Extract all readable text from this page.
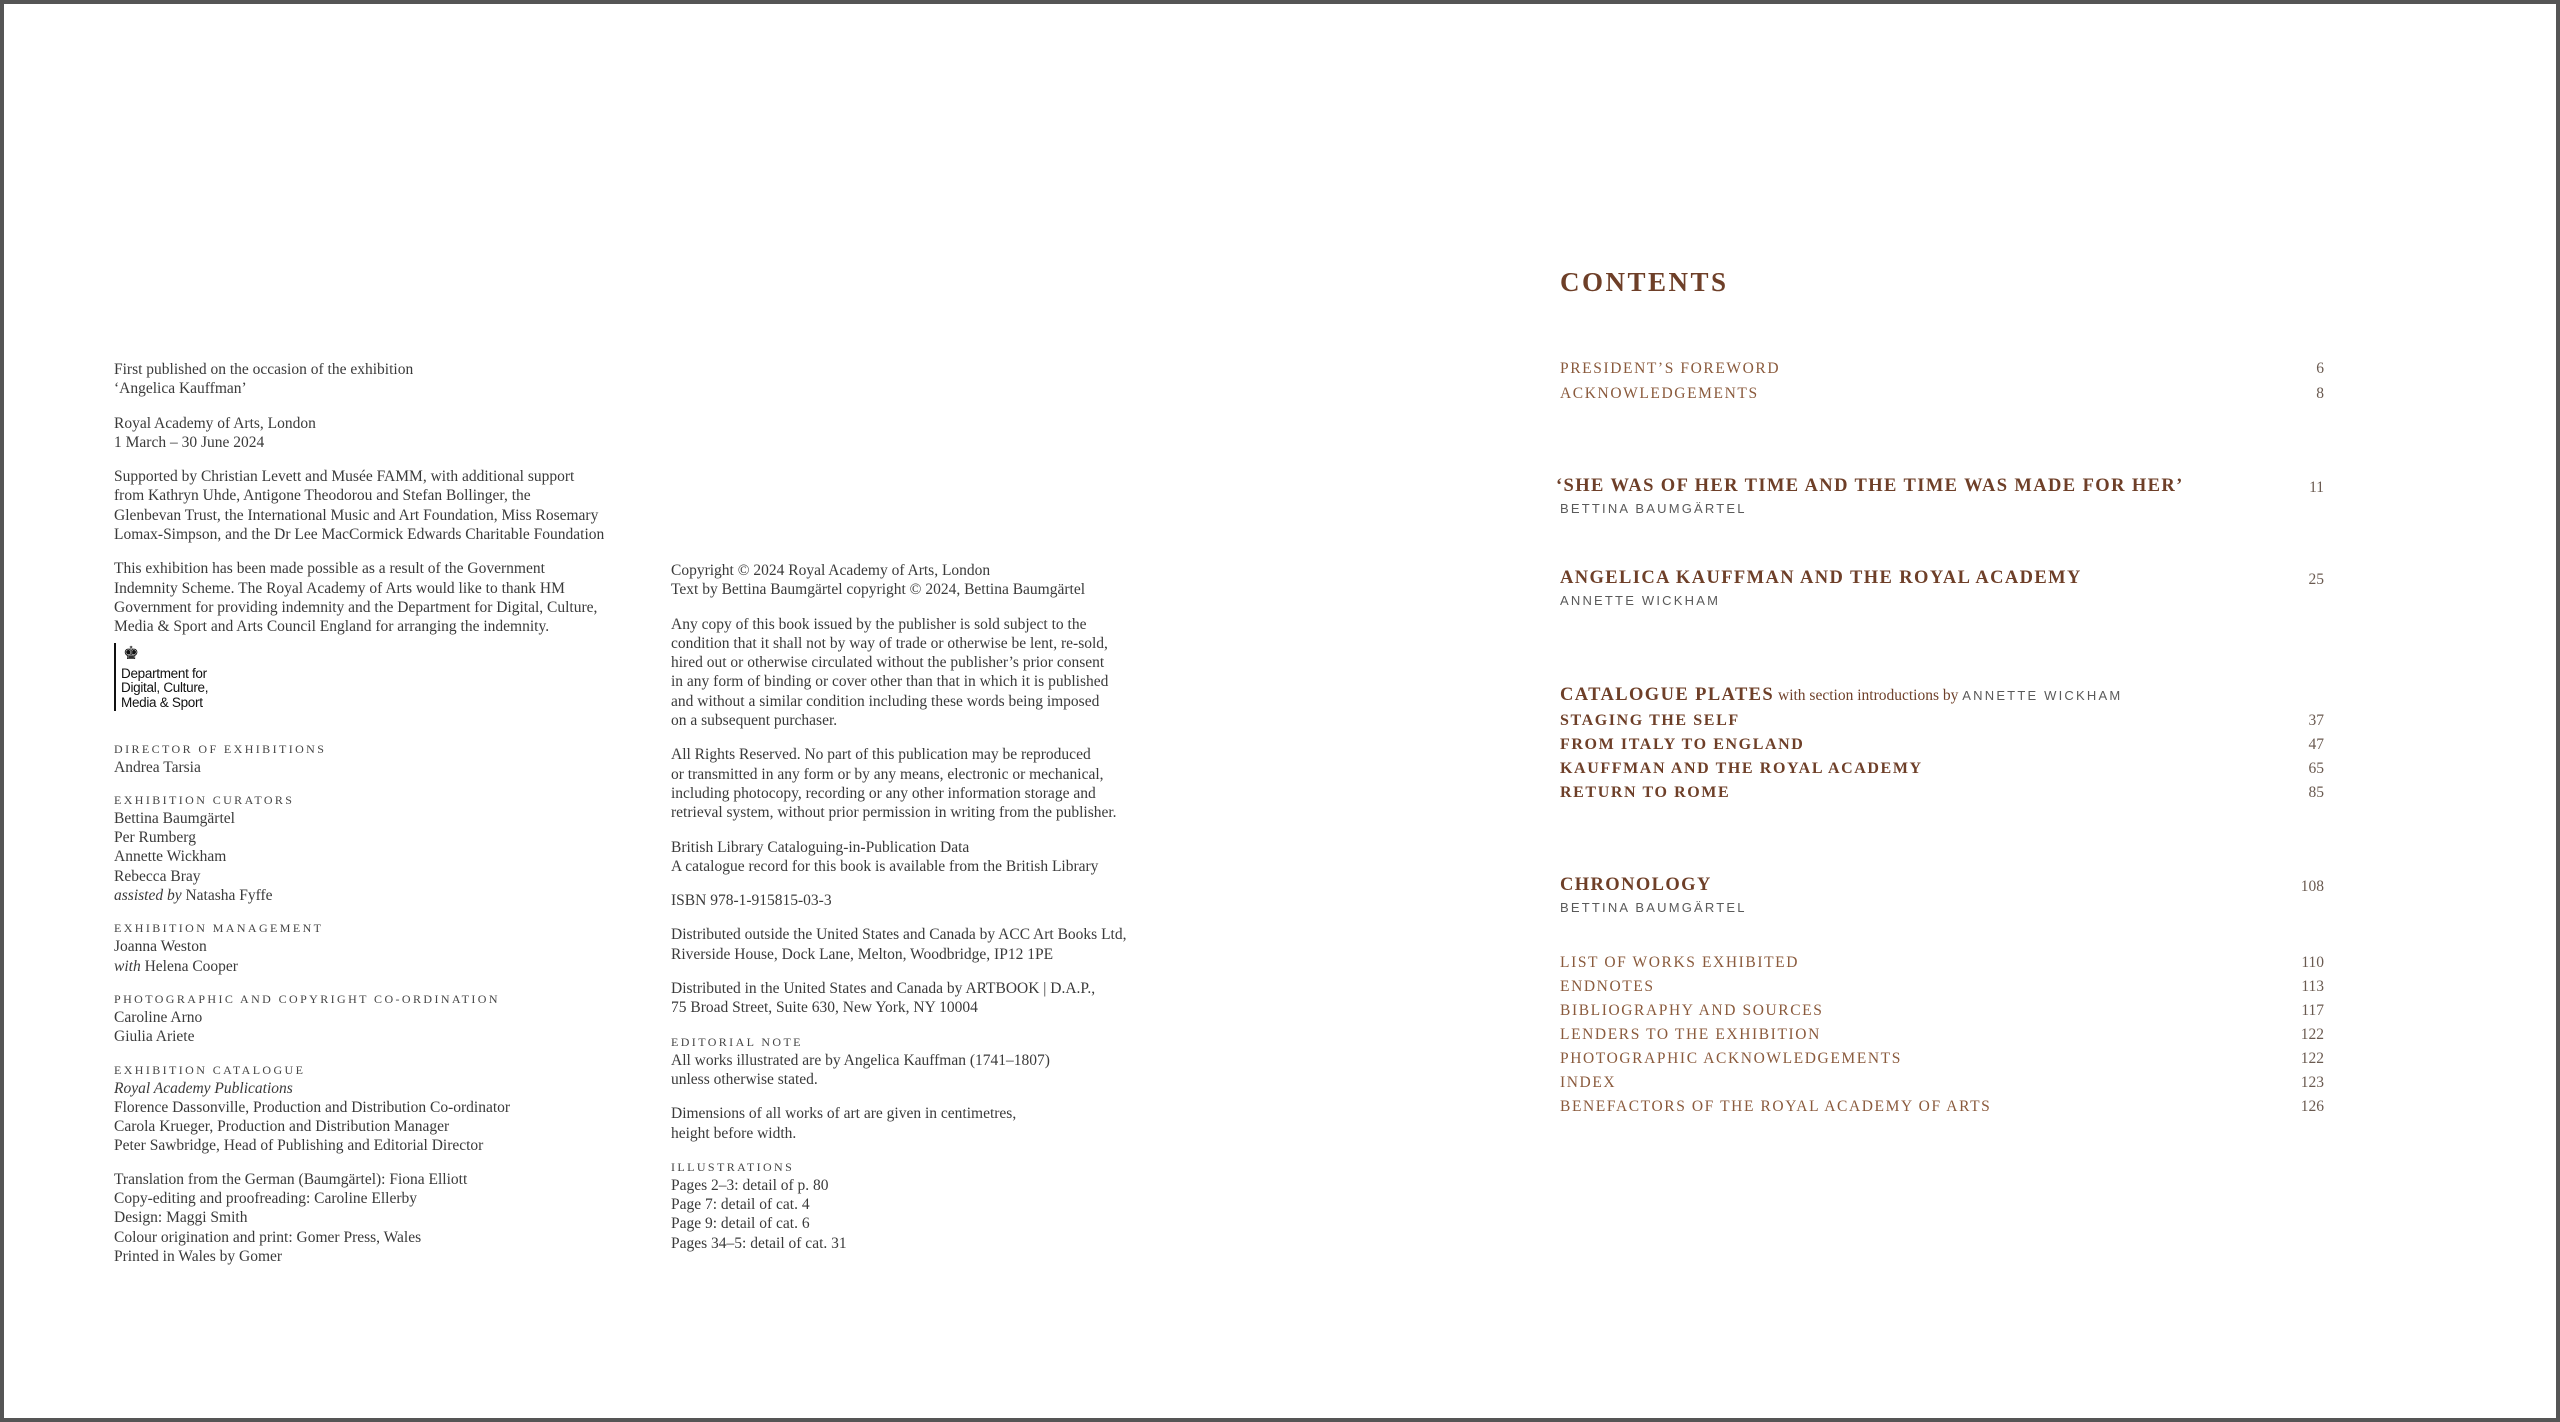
First published on the occasion of the exhibition
‘Angelica Kauffman’

Royal Academy of Arts, London
1 March – 30 June 2024

Supported by Christian Levett and Musée FAMM, with additional support
from Kathryn Uhde, Antigone Theodorou and Stefan Bollinger, the
Glenbevan Trust, the International Music and Art Foundation, Miss Rosemary
Lomax-Simpson, and the Dr Lee MacCormick Edwards Charitable Foundation

This exhibition has been made possible as a result of the Government
Indemnity Scheme. The Royal Academy of Arts would like to thank HM
Government for providing indemnity and the Department for Digital, Culture,
Media & Sport and Arts Council England for arranging the indemnity.

♚
Department for
Digital, Culture,
Media & Sport
DIRECTOR OF EXHIBITIONS
Andrea Tarsia
EXHIBITION CURATORS
Bettina Baumgärtel
Per Rumberg
Annette Wickham
Rebecca Bray
assisted by Natasha Fyffe
EXHIBITION MANAGEMENT
Joanna Weston
with Helena Cooper
PHOTOGRAPHIC AND COPYRIGHT CO-ORDINATION
Caroline Arno
Giulia Ariete
EXHIBITION CATALOGUE
Royal Academy Publications
Florence Dassonville, Production and Distribution Co-ordinator
Carola Krueger, Production and Distribution Manager
Peter Sawbridge, Head of Publishing and Editorial Director
Translation from the German (Baumgärtel): Fiona Elliott
Copy-editing and proofreading: Caroline Ellerby
Design: Maggi Smith
Colour origination and print: Gomer Press, Wales
Printed in Wales by Gomer

Copyright © 2024 Royal Academy of Arts, London
Text by Bettina Baumgärtel copyright © 2024, Bettina Baumgärtel

Any copy of this book issued by the publisher is sold subject to the
condition that it shall not by way of trade or otherwise be lent, re-sold,
hired out or otherwise circulated without the publisher’s prior consent
in any form of binding or cover other than that in which it is published
and without a similar condition including these words being imposed
on a subsequent purchaser.

All Rights Reserved. No part of this publication may be reproduced
or transmitted in any form or by any means, electronic or mechanical,
including photocopy, recording or any other information storage and
retrieval system, without prior permission in writing from the publisher.

British Library Cataloguing-in-Publication Data
A catalogue record for this book is available from the British Library

ISBN 978-1-915815-03-3

Distributed outside the United States and Canada by ACC Art Books Ltd,
Riverside House, Dock Lane, Melton, Woodbridge, IP12 1PE

Distributed in the United States and Canada by ARTBOOK | D.A.P.,
75 Broad Street, Suite 630, New York, NY 10004

EDITORIAL NOTE
All works illustrated are by Angelica Kauffman (1741–1807)
unless otherwise stated.

Dimensions of all works of art are given in centimetres,
height before width.

ILLUSTRATIONS
Pages 2–3: detail of p. 80
Page 7: detail of cat. 4
Page 9: detail of cat. 6
Pages 34–5: detail of cat. 31
CONTENTS
PRESIDENT’S FOREWORD	6
ACKNOWLEDGEMENTS	8
‘SHE WAS OF HER TIME AND THE TIME WAS MADE FOR HER’	11
BETTINA BAUMGÄRTEL
ANGELICA KAUFFMAN AND THE ROYAL ACADEMY	25
ANNETTE WICKHAM
CATALOGUE PLATES with section introductions by ANNETTE WICKHAM
STAGING THE SELF	37
FROM ITALY TO ENGLAND	47
KAUFFMAN AND THE ROYAL ACADEMY	65
RETURN TO ROME	85
CHRONOLOGY	108
BETTINA BAUMGÄRTEL
LIST OF WORKS EXHIBITED	110
ENDNOTES	113
BIBLIOGRAPHY AND SOURCES	117
LENDERS TO THE EXHIBITION	122
PHOTOGRAPHIC ACKNOWLEDGEMENTS	122
INDEX	123
BENEFACTORS OF THE ROYAL ACADEMY OF ARTS	126
